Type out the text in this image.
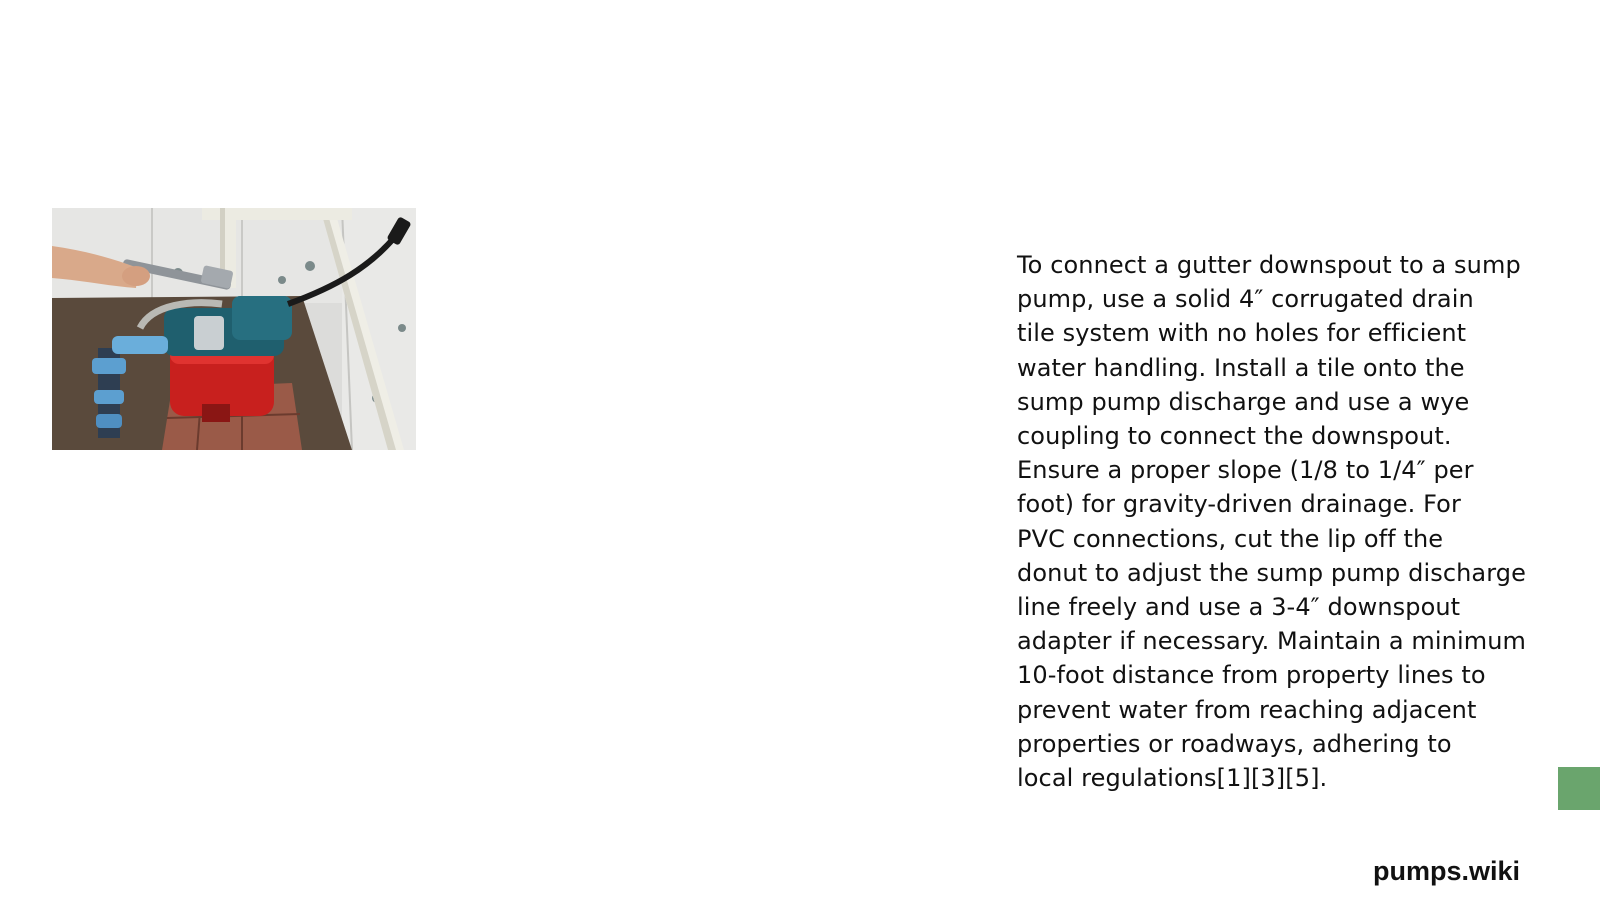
To connect a gutter downspout to a sump
pump, use a solid 4″ corrugated drain
tile system with no holes for efficient
water handling. Install a tile onto the
sump pump discharge and use a wye
coupling to connect the downspout.
Ensure a proper slope (1/8 to 1/4″ per
foot) for gravity-driven drainage. For
PVC connections, cut the lip off the
donut to adjust the sump pump discharge
line freely and use a 3-4″ downspout
adapter if necessary. Maintain a minimum
10-foot distance from property lines to
prevent water from reaching adjacent
properties or roadways, adhering to
local regulations[1][3][5].

pumps.wiki
